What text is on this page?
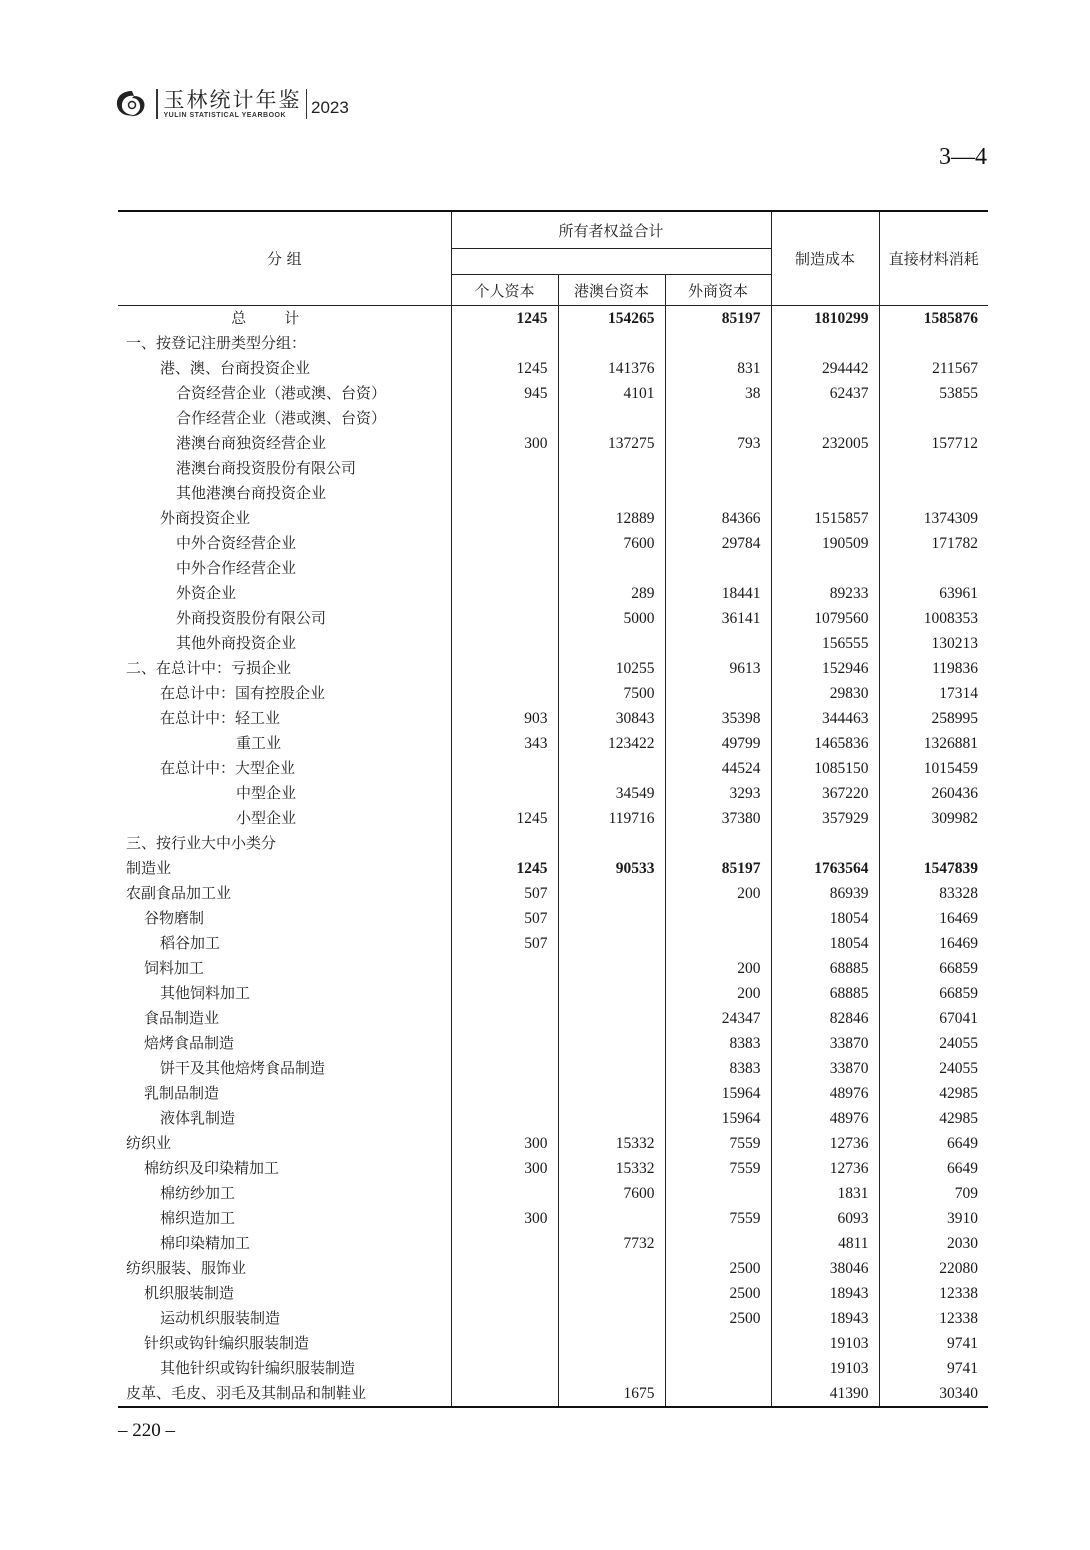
玉林统计年鉴
YULIN STATISTICAL YEARBOOK	2023
3—4
分 组	所有者权益合计			制造成本	直接材料消耗

	个人资本	港澳台资本	外商资本		
总计	1245	154265	85197	1810299	1585876
一、按登记注册类型分组：					
港、澳、台商投资企业	1245	141376	831	294442	211567
合资经营企业（港或澳、台资）	945	4101	38	62437	53855
合作经营企业（港或澳、台资）					
港澳台商独资经营企业	300	137275	793	232005	157712
港澳台商投资股份有限公司					
其他港澳台商投资企业					
外商投资企业		12889	84366	1515857	1374309
中外合资经营企业		7600	29784	190509	171782
中外合作经营企业					
外资企业		289	18441	89233	63961
外商投资股份有限公司		5000	36141	1079560	1008353
其他外商投资企业				156555	130213
二、在总计中：亏损企业		10255	9613	152946	119836
在总计中：国有控股企业		7500		29830	17314
在总计中：轻工业	903	30843	35398	344463	258995
重工业	343	123422	49799	1465836	1326881
在总计中：大型企业			44524	1085150	1015459
中型企业		34549	3293	367220	260436
小型企业	1245	119716	37380	357929	309982
三、按行业大中小类分					
制造业	1245	90533	85197	1763564	1547839
农副食品加工业	507		200	86939	83328
谷物磨制	507			18054	16469
稻谷加工	507			18054	16469
饲料加工			200	68885	66859
其他饲料加工			200	68885	66859
食品制造业			24347	82846	67041
焙烤食品制造			8383	33870	24055
饼干及其他焙烤食品制造			8383	33870	24055
乳制品制造			15964	48976	42985
液体乳制造			15964	48976	42985
纺织业	300	15332	7559	12736	6649
棉纺织及印染精加工	300	15332	7559	12736	6649
棉纺纱加工		7600		1831	709
棉织造加工	300		7559	6093	3910
棉印染精加工		7732		4811	2030
纺织服装、服饰业			2500	38046	22080
机织服装制造			2500	18943	12338
运动机织服装制造			2500	18943	12338
针织或钩针编织服装制造				19103	9741
其他针织或钩针编织服装制造				19103	9741
皮革、毛皮、羽毛及其制品和制鞋业		1675		41390	30340
– 220 –
